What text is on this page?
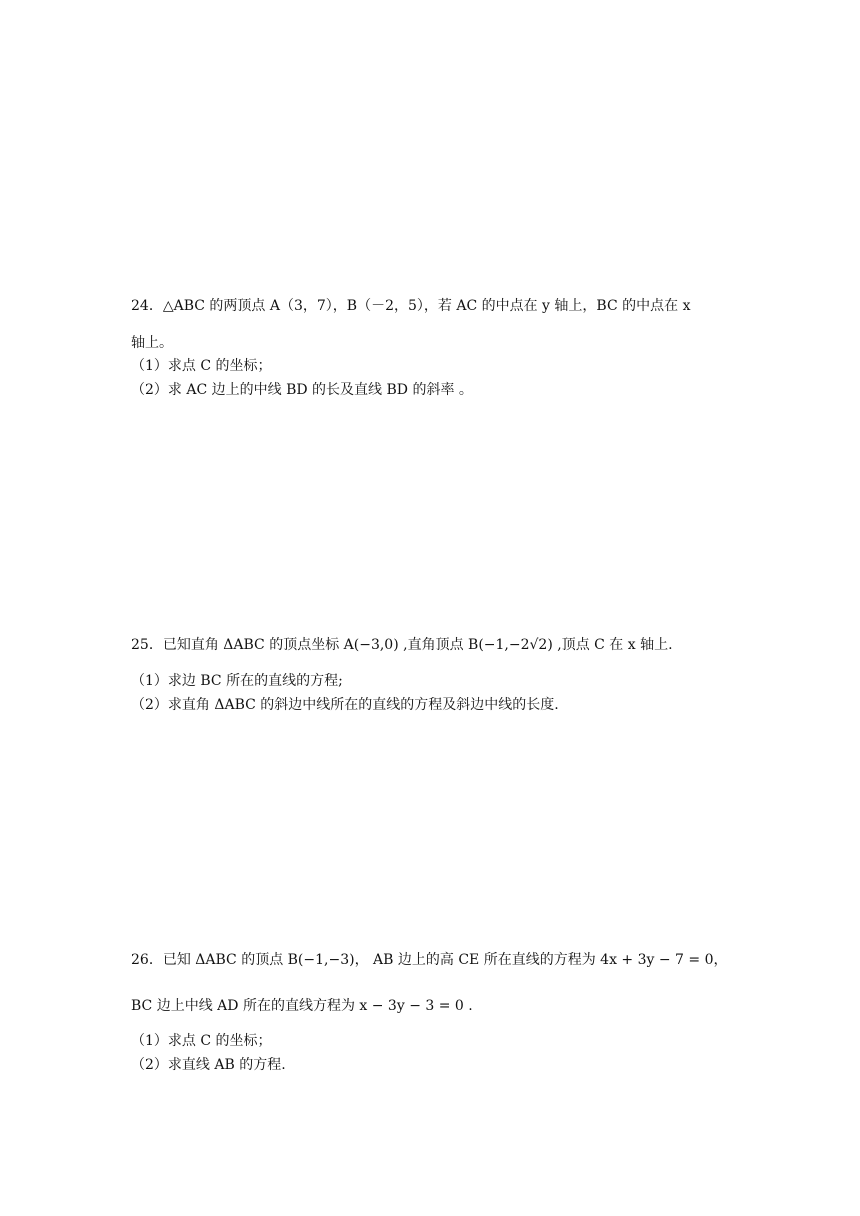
24．△ABC 的两顶点 A（3，7），B（－2，5），若 AC 的中点在 y 轴上，BC 的中点在 x
轴上。
（1）求点 C 的坐标；
（2）求 AC 边上的中线 BD 的长及直线 BD 的斜率 。
25．已知直角 ΔABC 的顶点坐标 A(−3,0) ,直角顶点 B(−1,−2√2) ,顶点 C 在 x 轴上.
（1）求边 BC 所在的直线的方程;
（2）求直角 ΔABC 的斜边中线所在的直线的方程及斜边中线的长度.
26．已知 ΔABC 的顶点 B(−1,−3)， AB 边上的高 CE 所在直线的方程为 4x + 3y − 7 = 0，
BC 边上中线 AD 所在的直线方程为 x − 3y − 3 = 0 .
（1）求点 C 的坐标；
（2）求直线 AB 的方程.
